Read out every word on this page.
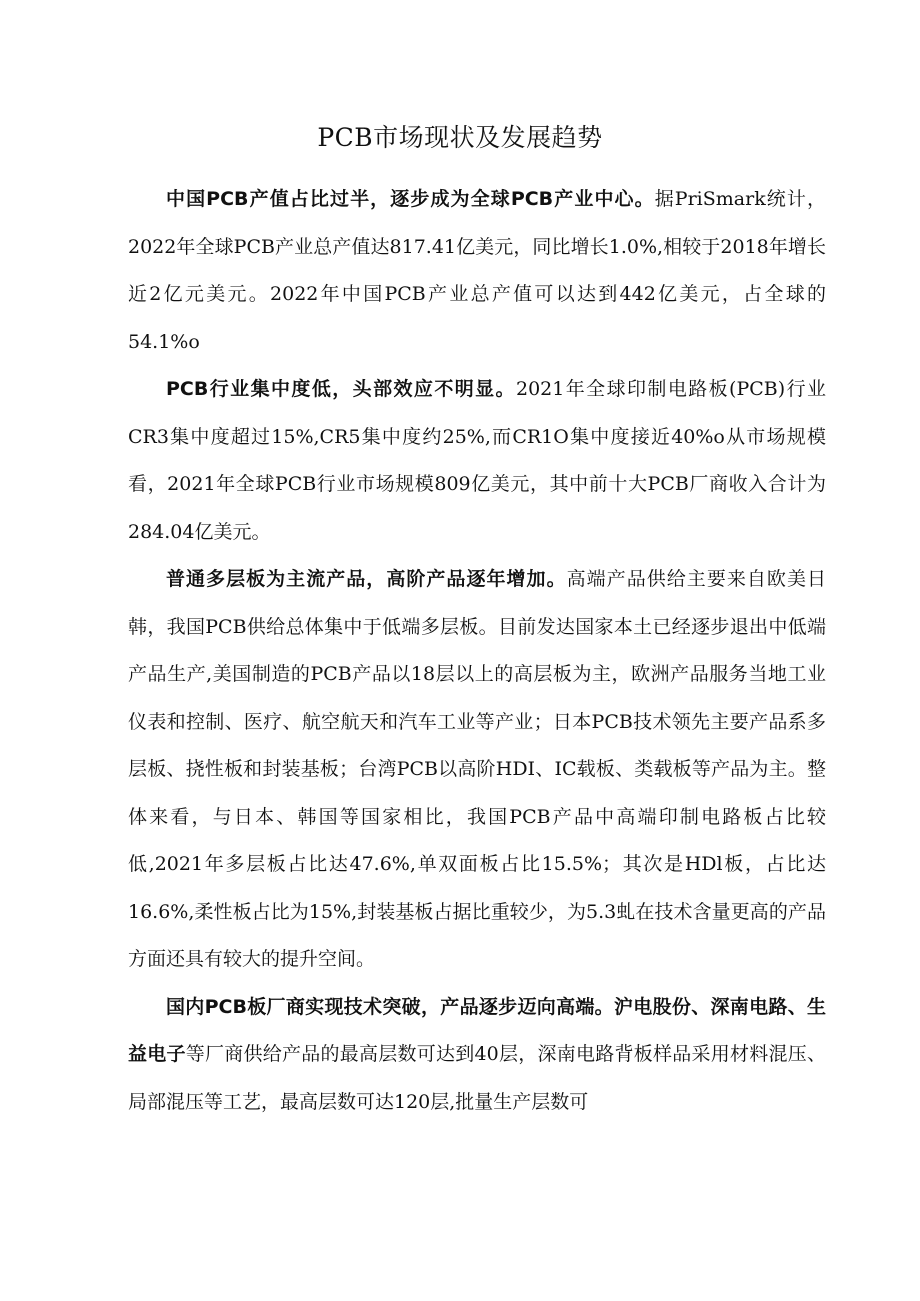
PCB市场现状及发展趋势

中国PCB产值占比过半，逐步成为全球PCB产业中心。据PriSmark统计，2022年全球PCB产业总产值达817.41亿美元，同比增长1.0%,相较于2018年增长近2亿元美元。2022年中国PCB产业总产值可以达到442亿美元，占全球的54.1%o

PCB行业集中度低，头部效应不明显。2021年全球印制电路板(PCB)行业CR3集中度超过15%,CR5集中度约25%,而CR1O集中度接近40%o从市场规模看，2021年全球PCB行业市场规模809亿美元，其中前十大PCB厂商收入合计为284.04亿美元。

普通多层板为主流产品，高阶产品逐年增加。高端产品供给主要来自欧美日韩，我国PCB供给总体集中于低端多层板。目前发达国家本土已经逐步退出中低端产品生产,美国制造的PCB产品以18层以上的高层板为主，欧洲产品服务当地工业仪表和控制、医疗、航空航天和汽车工业等产业；日本PCB技术领先主要产品系多层板、挠性板和封装基板；台湾PCB以高阶HDI、IC载板、类载板等产品为主。整体来看，与日本、韩国等国家相比，我国PCB产品中高端印制电路板占比较低,2021年多层板占比达47.6%,单双面板占比15.5%；其次是HDl板，占比达16.6%,柔性板占比为15%,封装基板占据比重较少，为5.3虬在技术含量更高的产品方面还具有较大的提升空间。

国内PCB板厂商实现技术突破，产品逐步迈向高端。沪电股份、深南电路、生益电子等厂商供给产品的最高层数可达到40层，深南电路背板样品采用材料混压、局部混压等工艺，最高层数可达120层,批量生产层数可
